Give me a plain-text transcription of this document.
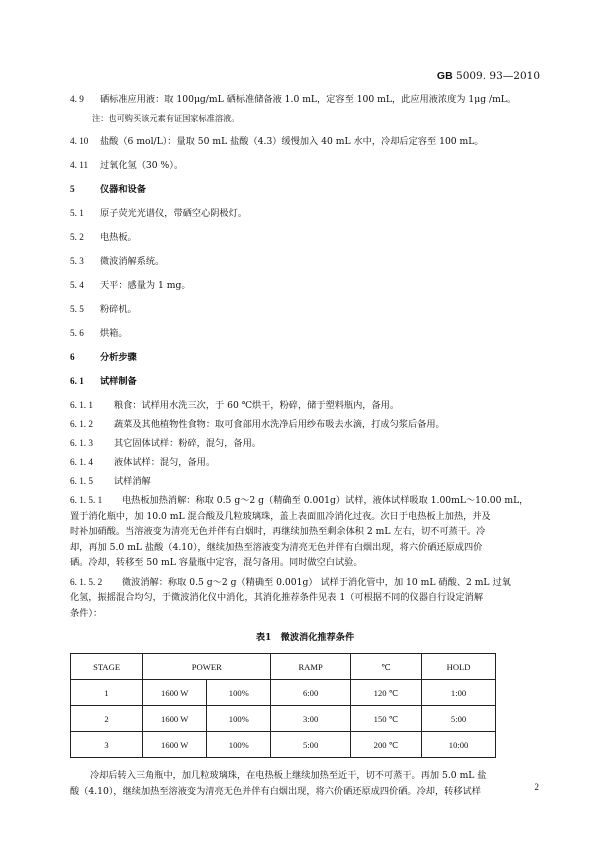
GB 5009. 93—2010
4. 9 硒标准应用液：取 100μg/mL 硒标准储备液 1.0 mL，定容至 100 mL，此应用液浓度为 1μg /mL。
注：也可购买该元素有证国家标准溶液。
4. 10 盐酸（6 mol/L）：量取 50 mL 盐酸（4.3）缓慢加入 40 mL 水中，冷却后定容至 100 mL。
4. 11 过氧化氢（30 %）。
5	仪器和设备
5. 1 原子荧光光谱仪，带硒空心阴极灯。
5. 2 电热板。
5. 3 微波消解系统。
5. 4 天平：感量为 1 mg。
5. 5 粉碎机。
5. 6 烘箱。
6	分析步骤
6. 1 试样制备
6. 1. 1 粮食：试样用水洗三次，于 60 ℃烘干，粉碎，储于塑料瓶内，备用。
6. 1. 2 蔬菜及其他植物性食物：取可食部用水洗净后用纱布吸去水滴，打成匀浆后备用。
6. 1. 3 其它固体试样：粉碎，混匀，备用。
6. 1. 4 液体试样：混匀，备用。
6. 1. 5 试样消解
6. 1. 5. 1 电热板加热消解：称取 0.5 g～2 g（精确至 0.001g）试样，液体试样吸取 1.00mL～10.00 mL，
置于消化瓶中，加 10.0 mL 混合酸及几粒玻璃珠，盖上表面皿冷消化过夜。次日于电热板上加热，并及
时补加硝酸。当溶液变为清亮无色并伴有白烟时，再继续加热至剩余体积 2 mL 左右，切不可蒸干。冷
却，再加 5.0 mL 盐酸（4.10），继续加热至溶液变为清亮无色并伴有白烟出现，将六价硒还原成四价
硒。冷却，转移至 50 mL 容量瓶中定容，混匀备用。同时做空白试验。
6. 1. 5. 2 微波消解：称取 0.5 g～2 g（精确至 0.001g） 试样于消化管中，加 10 mL 硝酸、2 mL 过氧
化氢，振摇混合均匀，于微波消化仪中消化，其消化推荐条件见表 1（可根据不同的仪器自行设定消解
条件）：
表1　微波消化推荐条件
STAGE	POWER		RAMP	℃	HOLD
1	1600 W	100%	6:00	120 ℃	1:00
2	1600 W	100%	3:00	150 ℃	5:00
3	1600 W	100%	5:00	200 ℃	10:00
冷却后转入三角瓶中，加几粒玻璃珠，在电热板上继续加热至近干，切不可蒸干。再加 5.0 mL 盐
酸（4.10），继续加热至溶液变为清亮无色并伴有白烟出现，将六价硒还原成四价硒。冷却，转移试样	2
